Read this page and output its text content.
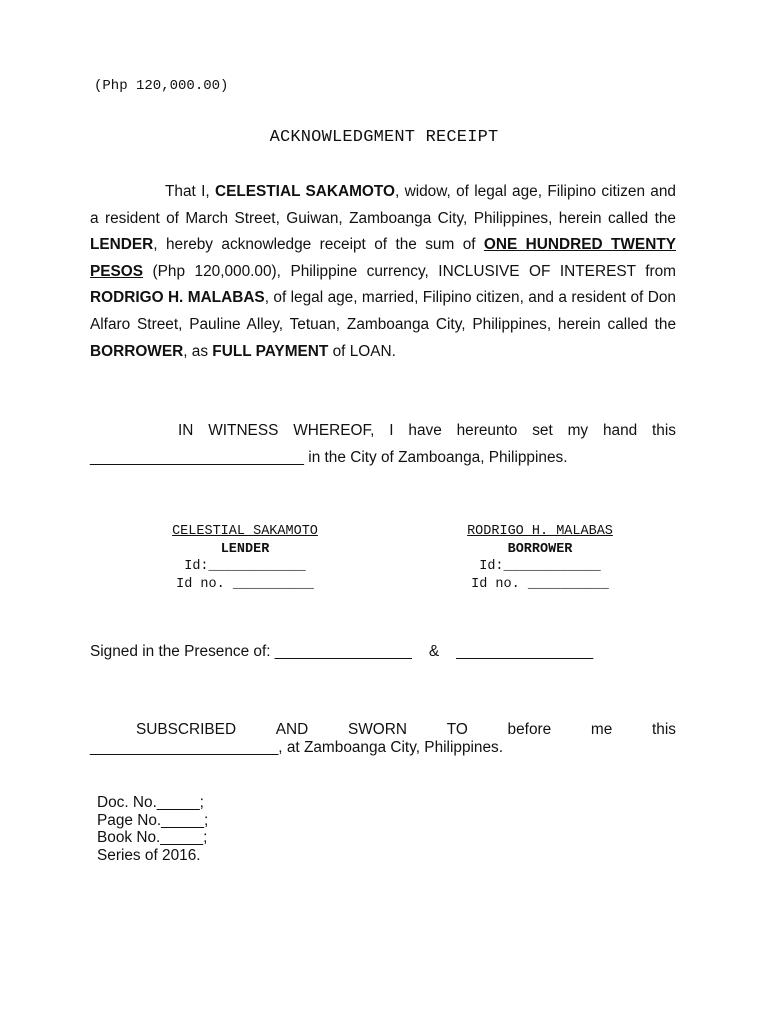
(Php 120,000.00)
ACKNOWLEDGMENT RECEIPT
That I, CELESTIAL SAKAMOTO, widow, of legal age, Filipino citizen and a resident of March Street, Guiwan, Zamboanga City, Philippines, herein called the LENDER, hereby acknowledge receipt of the sum of ONE HUNDRED TWENTY PESOS (Php 120,000.00), Philippine currency, INCLUSIVE OF INTEREST from RODRIGO H. MALABAS, of legal age, married, Filipino citizen, and a resident of Don Alfaro Street, Pauline Alley, Tetuan, Zamboanga City, Philippines, herein called the BORROWER, as FULL PAYMENT of LOAN.
IN WITNESS WHEREOF, I have hereunto set my hand this _________________________ in the City of Zamboanga, Philippines.
CELESTIAL SAKAMOTO
LENDER
Id:____________
Id no. __________
RODRIGO H. MALABAS
BORROWER
Id:____________
Id no. __________
Signed in the Presence of: ________________    &    ________________
SUBSCRIBED	AND	SWORN	TO	before	me	this
______________________, at Zamboanga City, Philippines.
Doc. No._____;
Page No._____;
Book No._____;
Series of 2016.
